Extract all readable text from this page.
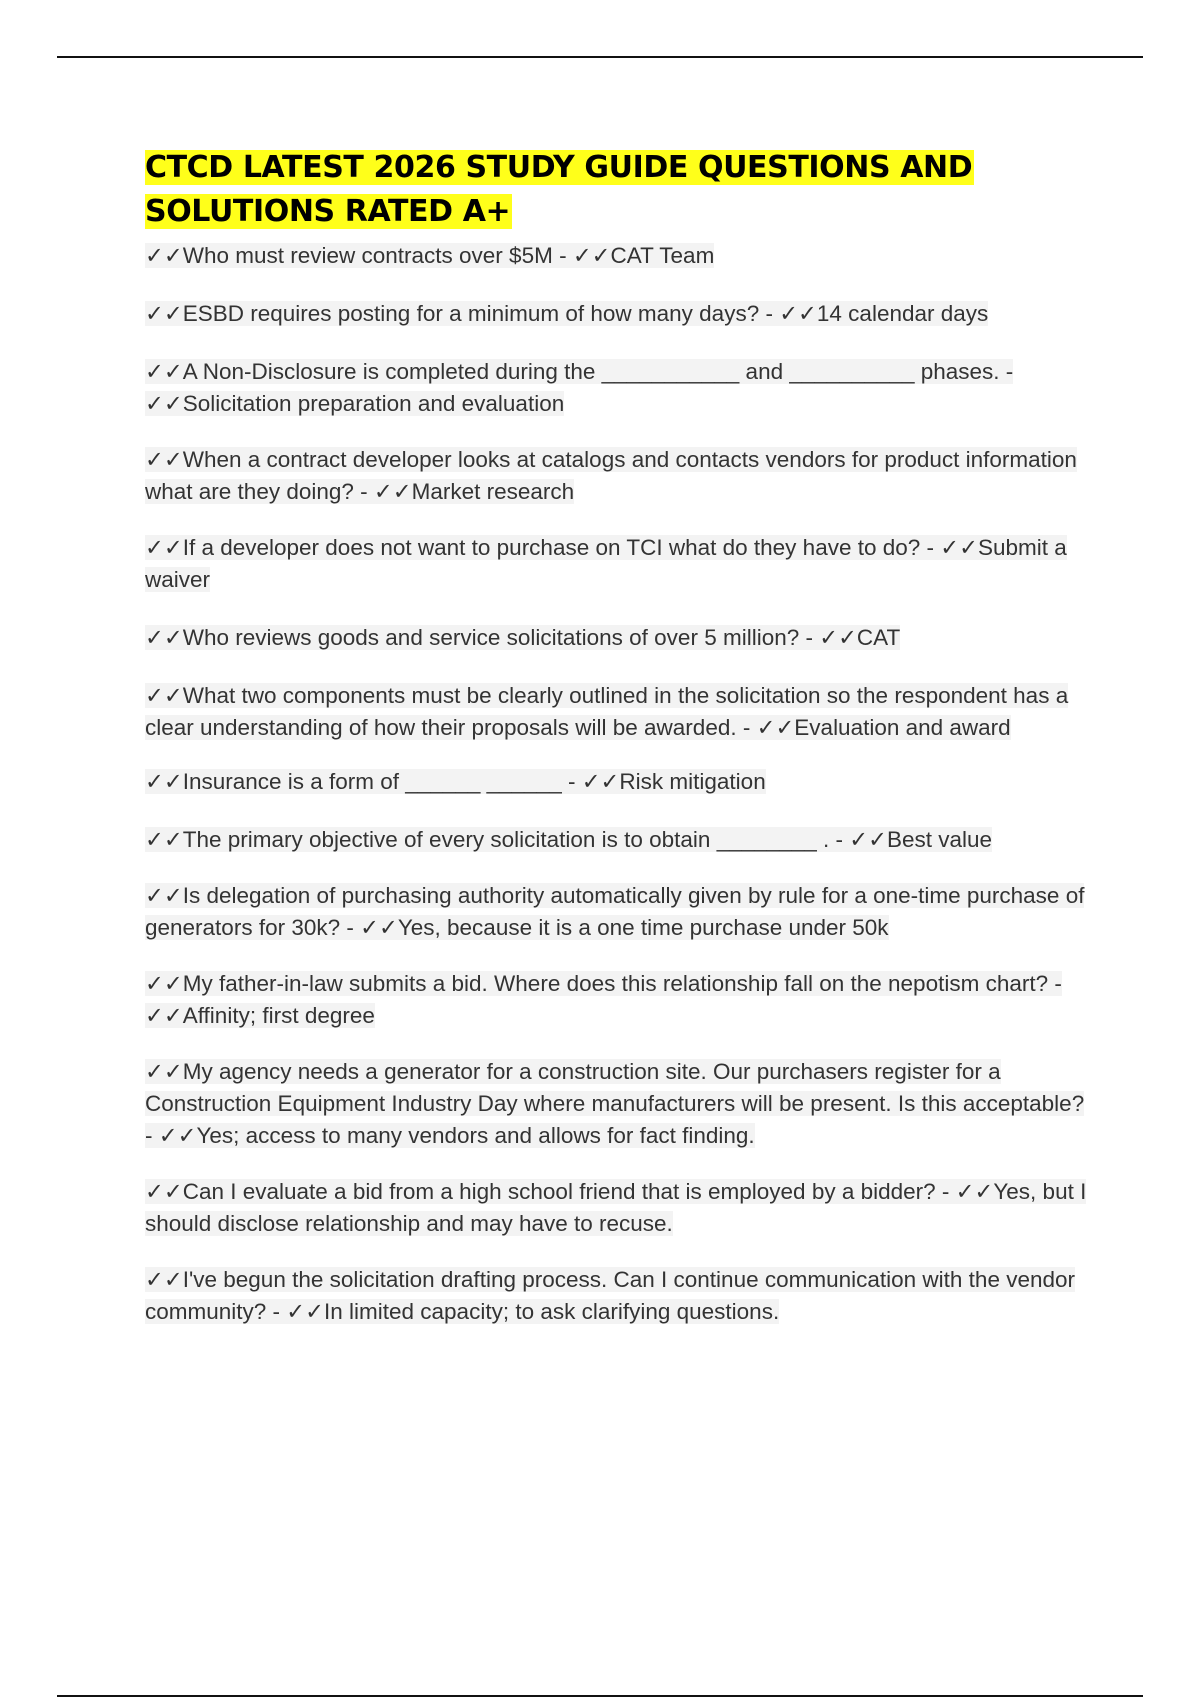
CTCD LATEST 2026 STUDY GUIDE QUESTIONS AND SOLUTIONS RATED A+
✓✓Who must review contracts over $5M - ✓✓CAT Team
✓✓ESBD requires posting for a minimum of how many days? - ✓✓14 calendar days
✓✓A Non-Disclosure is completed during the ___________ and __________ phases. - ✓✓Solicitation preparation and evaluation
✓✓When a contract developer looks at catalogs and contacts vendors for product information what are they doing? - ✓✓Market research
✓✓If a developer does not want to purchase on TCI what do they have to do? - ✓✓Submit a waiver
✓✓Who reviews goods and service solicitations of over 5 million? - ✓✓CAT
✓✓What two components must be clearly outlined in the solicitation so the respondent has a clear understanding of how their proposals will be awarded. - ✓✓Evaluation and award
✓✓Insurance is a form of ______ ______ - ✓✓Risk mitigation
✓✓The primary objective of every solicitation is to obtain ________ . - ✓✓Best value
✓✓Is delegation of purchasing authority automatically given by rule for a one-time purchase of generators for 30k? - ✓✓Yes, because it is a one time purchase under 50k
✓✓My father-in-law submits a bid. Where does this relationship fall on the nepotism chart? - ✓✓Affinity; first degree
✓✓My agency needs a generator for a construction site. Our purchasers register for a Construction Equipment Industry Day where manufacturers will be present. Is this acceptable? - ✓✓Yes; access to many vendors and allows for fact finding.
✓✓Can I evaluate a bid from a high school friend that is employed by a bidder? - ✓✓Yes, but I should disclose relationship and may have to recuse.
✓✓I've begun the solicitation drafting process. Can I continue communication with the vendor community? - ✓✓In limited capacity; to ask clarifying questions.
